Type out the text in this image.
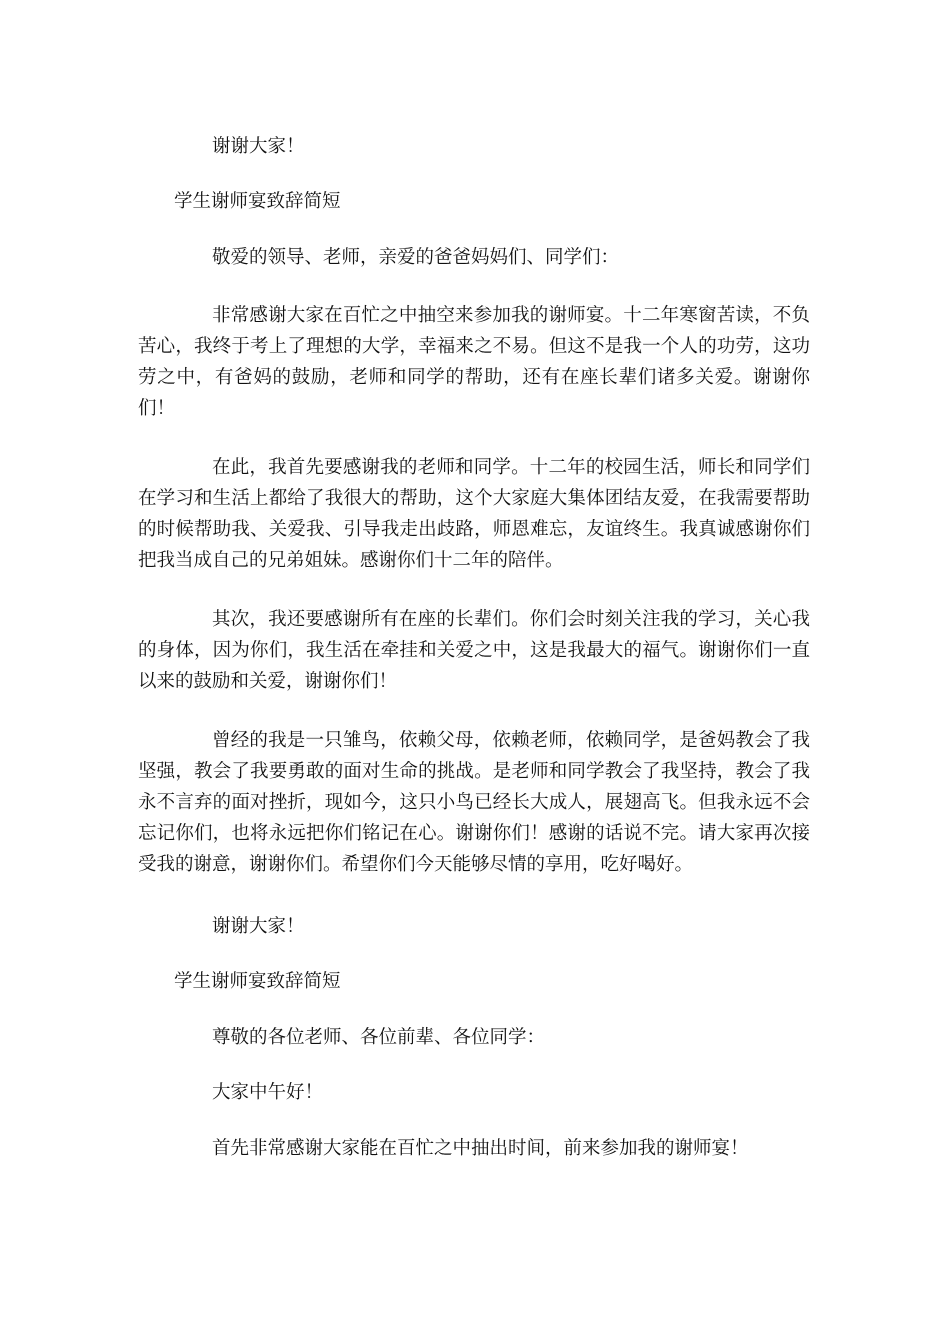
谢谢大家！
学生谢师宴致辞简短
敬爱的领导、老师，亲爱的爸爸妈妈们、同学们：
非常感谢大家在百忙之中抽空来参加我的谢师宴。十二年寒窗苦读，不负苦心，我终于考上了理想的大学，幸福来之不易。但这不是我一个人的功劳，这功劳之中，有爸妈的鼓励，老师和同学的帮助，还有在座长辈们诸多关爱。谢谢你们！
在此，我首先要感谢我的老师和同学。十二年的校园生活，师长和同学们在学习和生活上都给了我很大的帮助，这个大家庭大集体团结友爱，在我需要帮助的时候帮助我、关爱我、引导我走出歧路，师恩难忘，友谊终生。我真诚感谢你们把我当成自己的兄弟姐妹。感谢你们十二年的陪伴。
其次，我还要感谢所有在座的长辈们。你们会时刻关注我的学习，关心我的身体，因为你们，我生活在牵挂和关爱之中，这是我最大的福气。谢谢你们一直以来的鼓励和关爱，谢谢你们！
曾经的我是一只雏鸟，依赖父母，依赖老师，依赖同学，是爸妈教会了我坚强，教会了我要勇敢的面对生命的挑战。是老师和同学教会了我坚持，教会了我永不言弃的面对挫折，现如今，这只小鸟已经长大成人，展翅高飞。但我永远不会忘记你们，也将永远把你们铭记在心。谢谢你们！感谢的话说不完。请大家再次接受我的谢意，谢谢你们。希望你们今天能够尽情的享用，吃好喝好。
谢谢大家！
学生谢师宴致辞简短
尊敬的各位老师、各位前辈、各位同学：
大家中午好！
首先非常感谢大家能在百忙之中抽出时间，前来参加我的谢师宴！
